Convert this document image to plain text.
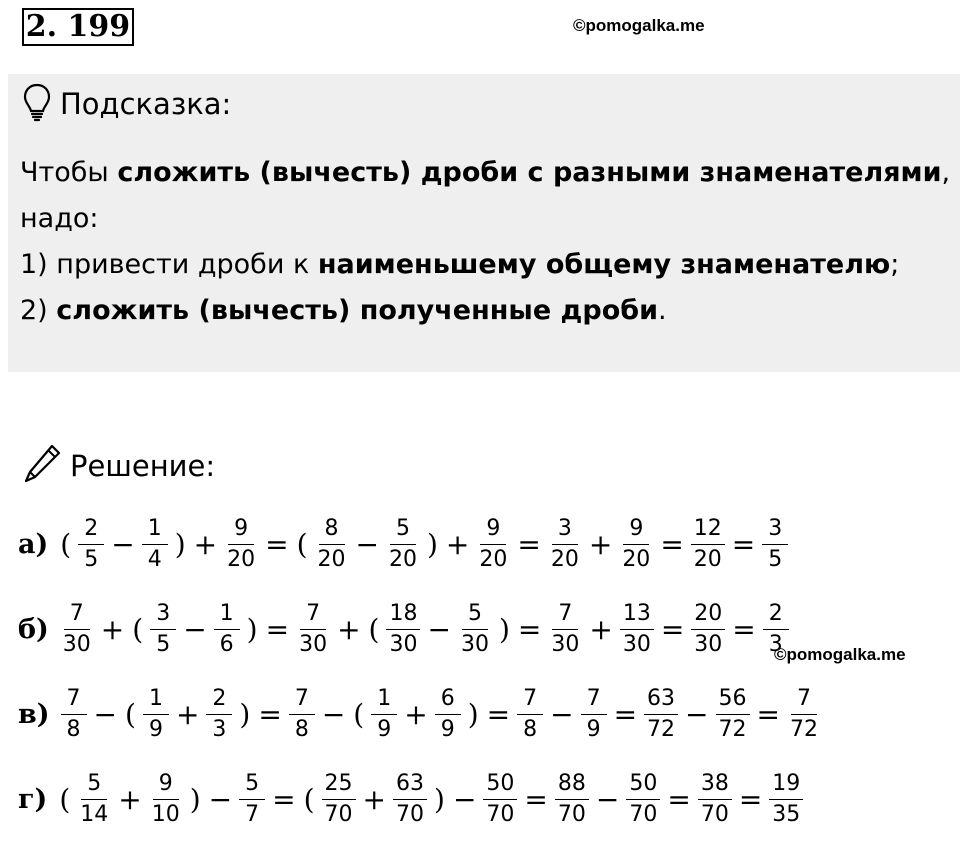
2. 199	©pomogalka.me
Подсказка:
Чтобы сложить (вычесть) дроби с разными знаменателями,
надо:
1) привести дроби к наименьшему общему знаменателю;
2) сложить (вычесть) полученные дроби.
Решение:
а) ( $\frac{2}{5} - \frac{1}{4}$ ) + $\frac{9}{20}$ = ( $\frac{8}{20} - \frac{5}{20}$ ) + $\frac{9}{20} = \frac{3}{20} + \frac{9}{20} = \frac{12}{20} = \frac{3}{5}$
$б) \frac{7}{30}$ + ( $\frac{3}{5} - \frac{1}{6}$ ) = $\frac{7}{30}$ + ( $\frac{18}{30} - \frac{5}{30}$ ) = $\frac{7}{30} + \frac{13}{30} = \frac{20}{30} = \frac{2}{3}$
$в) \frac{7}{8}$ − ( $\frac{1}{9} + \frac{2}{3}$ ) = $\frac{7}{8}$ − ( $\frac{1}{9} + \frac{6}{9}$ ) = $\frac{7}{8} - \frac{7}{9} = \frac{63}{72} - \frac{56}{72} = \frac{7}{72}$
г) ( $\frac{5}{14} + \frac{9}{10}$ ) − $\frac{5}{7}$ = ( $\frac{25}{70} + \frac{63}{70}$ ) − $\frac{50}{70} = \frac{88}{70} - \frac{50}{70} = \frac{38}{70} = \frac{19}{35}$
©pomogalka.me
